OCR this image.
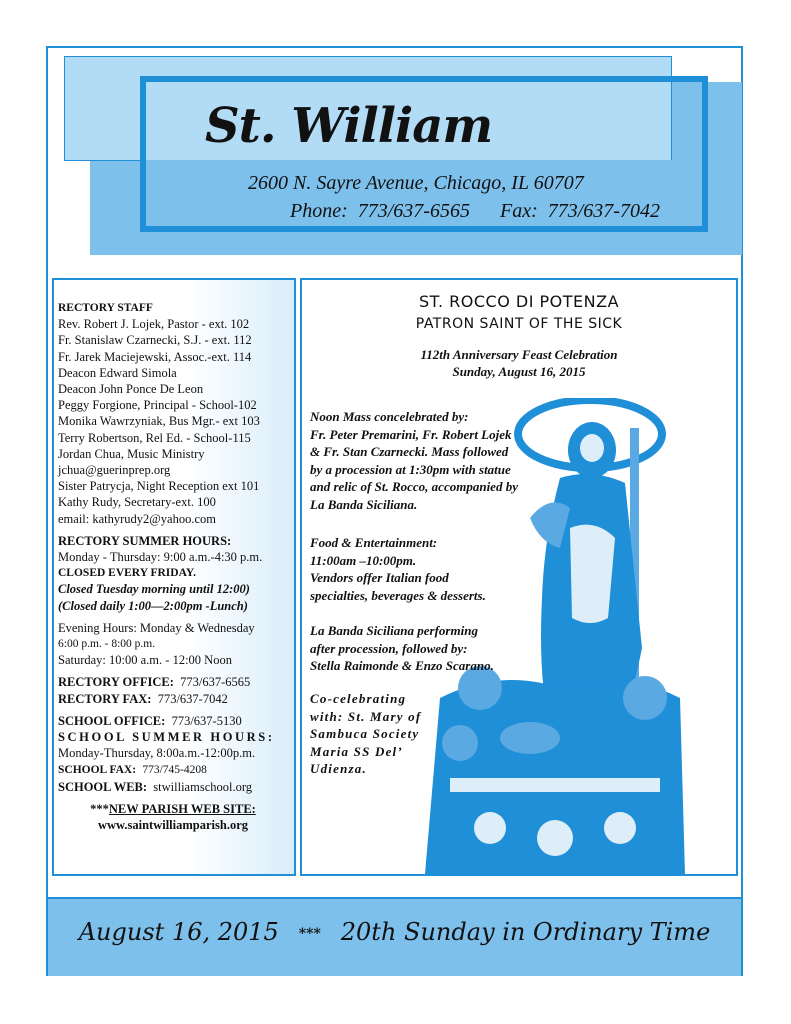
St. William
2600 N. Sayre Avenue, Chicago, IL 60707
Phone:  773/637-6565      Fax:  773/637-7042
RECTORY STAFF
Rev. Robert J. Lojek, Pastor - ext. 102
Fr. Stanislaw Czarnecki, S.J. - ext. 112
Fr. Jarek Maciejewski, Assoc.-ext. 114
Deacon Edward Simola
Deacon John Ponce De Leon
Peggy Forgione, Principal - School-102
Monika Wawrzyniak, Bus Mgr.- ext 103
Terry Robertson, Rel Ed. - School-115
Jordan Chua, Music Ministry
jchua@guerinprep.org
Sister Patrycja, Night Reception ext 101
Kathy Rudy, Secretary-ext. 100
email: kathyrudy2@yahoo.com
RECTORY SUMMER HOURS:
Monday - Thursday: 9:00 a.m.-4:30 p.m.
CLOSED EVERY FRIDAY.
Closed Tuesday morning until 12:00)
(Closed daily 1:00—2:00pm -Lunch)
Evening Hours: Monday & Wednesday
6:00 p.m. - 8:00 p.m.
Saturday: 10:00 a.m. - 12:00 Noon
RECTORY OFFICE: 773/637-6565
RECTORY FAX: 773/637-7042
SCHOOL OFFICE: 773/637-5130
SCHOOL SUMMER HOURS:
Monday-Thursday, 8:00a.m.-12:00p.m.
SCHOOL FAX: 773/745-4208
SCHOOL WEB: stwilliamschool.org
***NEW PARISH WEB SITE:
www.saintwilliamparish.org
ST. ROCCO DI POTENZA
PATRON SAINT OF THE SICK
112th Anniversary Feast Celebration
Sunday, August 16, 2015
Noon Mass concelebrated by:
Fr. Peter Premarini, Fr. Robert Lojek
& Fr. Stan Czarnecki. Mass followed
by a procession at 1:30pm with statue
and relic of St. Rocco, accompanied by
La Banda Siciliana.
Food & Entertainment:
11:00am –10:00pm.
Vendors offer Italian food
specialties, beverages & desserts.
La Banda Siciliana performing
after procession, followed by:
Stella Raimonde & Enzo Scarano.
Co-celebrating
with: St. Mary of
Sambuca Society
Maria SS Del’
Udienza.
August 16, 2015 *** 20th Sunday in Ordinary Time
